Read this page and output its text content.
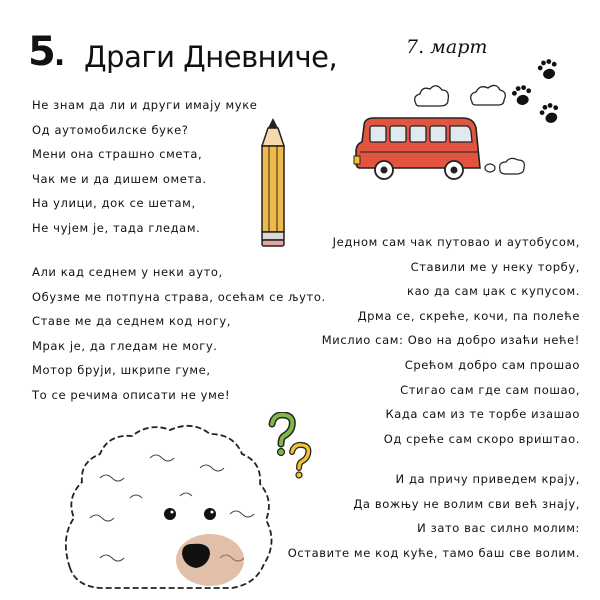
5. Драги Дневниче,	7. март
Не знам да ли и други имају муке
Од аутомобилске буке?
Мени она страшно смета,
Чак ме и да дишем омета.
На улици, док се шетам,
Не чујем је, тада гледам.
Али кад седнем у неки ауто,
Обузме ме потпуна страва, осећам се љуто.
Ставе ме да седнем код ногу,
Мрак је, да гледам не могу.
Мотор бруји, шкрипе гуме,
То се речима описати не уме!
Једном сам чак путовао и аутобусом,
Ставили ме у неку торбу,
као да сам џак с купусом.
Дрма се, скреће, кочи, па полеће
Мислио сам: Ово на добро изаћи неће!
Срећом добро сам прошао
Стигао сам где сам пошао,
Када сам из те торбе изашао
Од среће сам скоро вриштао.
И да причу приведем крају,
Да вожњу не волим сви већ знају,
И зато вас силно молим:
Оставите ме код куће, тамо баш све волим.
